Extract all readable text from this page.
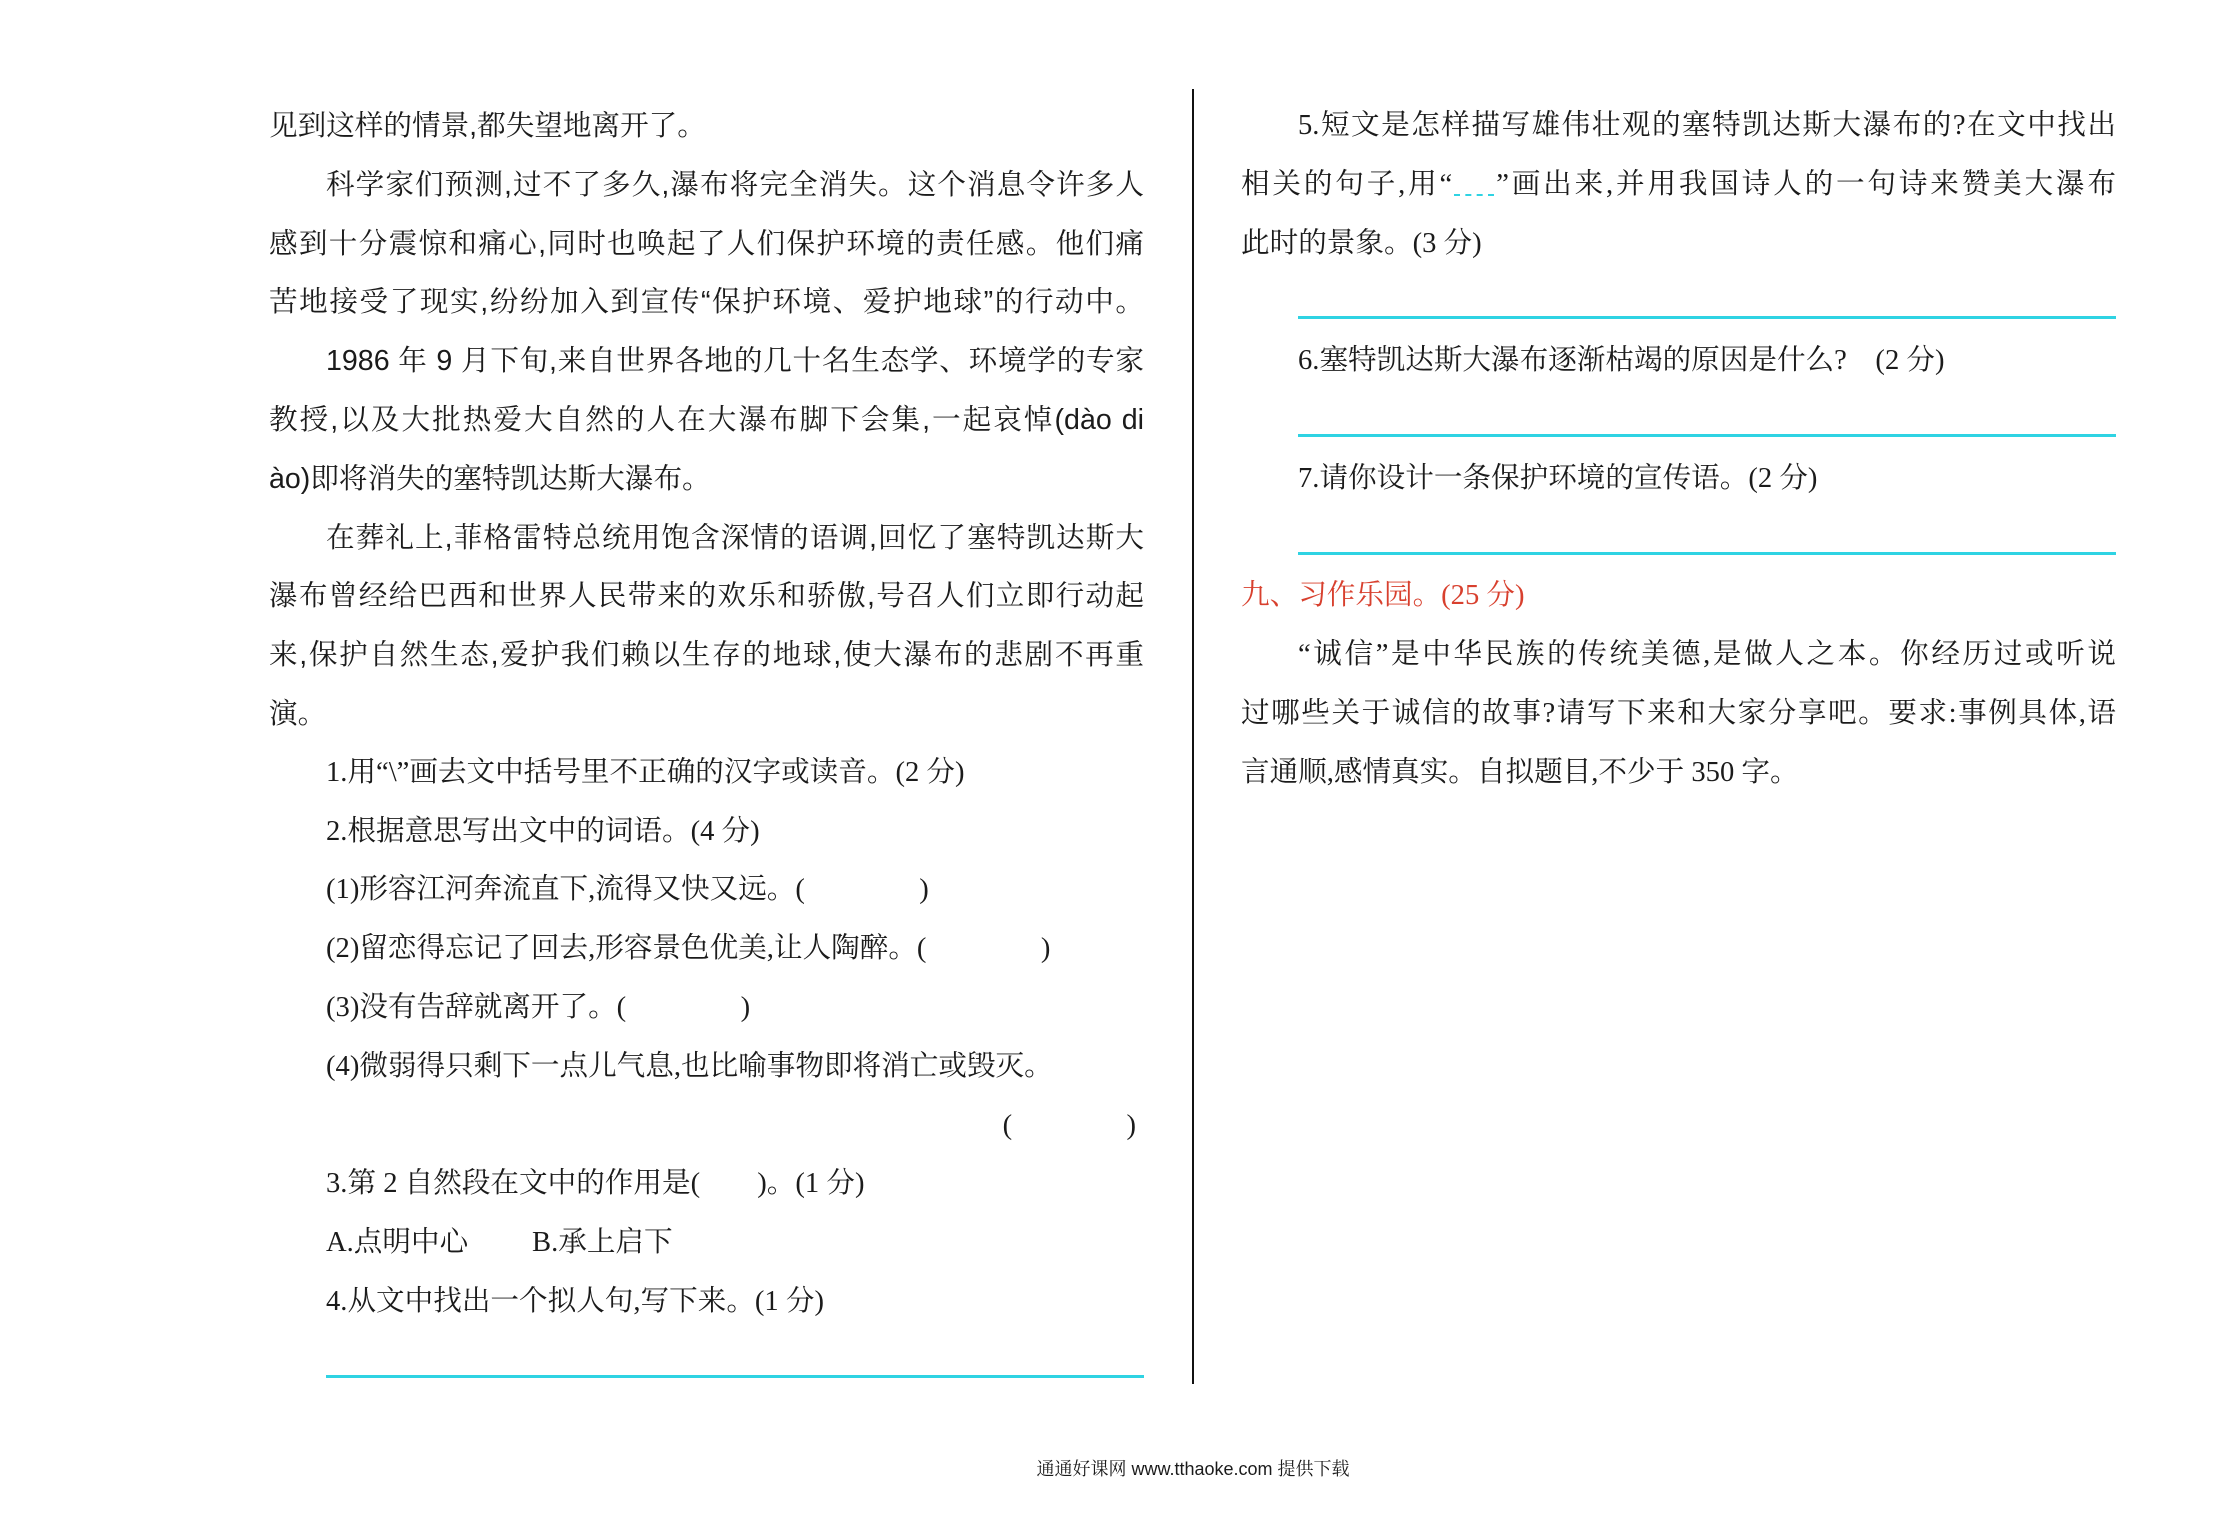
见到这样的情景,都失望地离开了。
科学家们预测,过不了多久,瀑布将完全消失。这个消息令许多人
感到十分震惊和痛心,同时也唤起了人们保护环境的责任感。他们痛
苦地接受了现实,纷纷加入到宣传“保护环境、爱护地球”的行动中。
1986 年 9 月下旬,来自世界各地的几十名生态学、环境学的专家
教授,以及大批热爱大自然的人在大瀑布脚下会集,一起哀悼(dào di
ào)即将消失的塞特凯达斯大瀑布。
在葬礼上,菲格雷特总统用饱含深情的语调,回忆了塞特凯达斯大
瀑布曾经给巴西和世界人民带来的欢乐和骄傲,号召人们立即行动起
来,保护自然生态,爱护我们赖以生存的地球,使大瀑布的悲剧不再重
演。
1.用“\”画去文中括号里不正确的汉字或读音。(2 分)
2.根据意思写出文中的词语。(4 分)
(1)形容江河奔流直下,流得又快又远。(　　　　)
(2)留恋得忘记了回去,形容景色优美,让人陶醉。(　　　　)
(3)没有告辞就离开了。(　　　　)
(4)微弱得只剩下一点儿气息,也比喻事物即将消亡或毁灭。
(　　　　)
3.第 2 自然段在文中的作用是(　　)。(1 分)
A.点明中心 B.承上启下
4.从文中找出一个拟人句,写下来。(1 分)
5.短文是怎样描写雄伟壮观的塞特凯达斯大瀑布的?在文中找出
相关的句子,用“ ”画出来,并用我国诗人的一句诗来赞美大瀑布
此时的景象。(3 分)
6.塞特凯达斯大瀑布逐渐枯竭的原因是什么?　(2 分)
7.请你设计一条保护环境的宣传语。(2 分)
九、习作乐园。(25 分)
“诚信”是中华民族的传统美德,是做人之本。你经历过或听说
过哪些关于诚信的故事?请写下来和大家分享吧。要求:事例具体,语
言通顺,感情真实。自拟题目,不少于 350 字。
通通好课网 www.tthaoke.com 提供下载
